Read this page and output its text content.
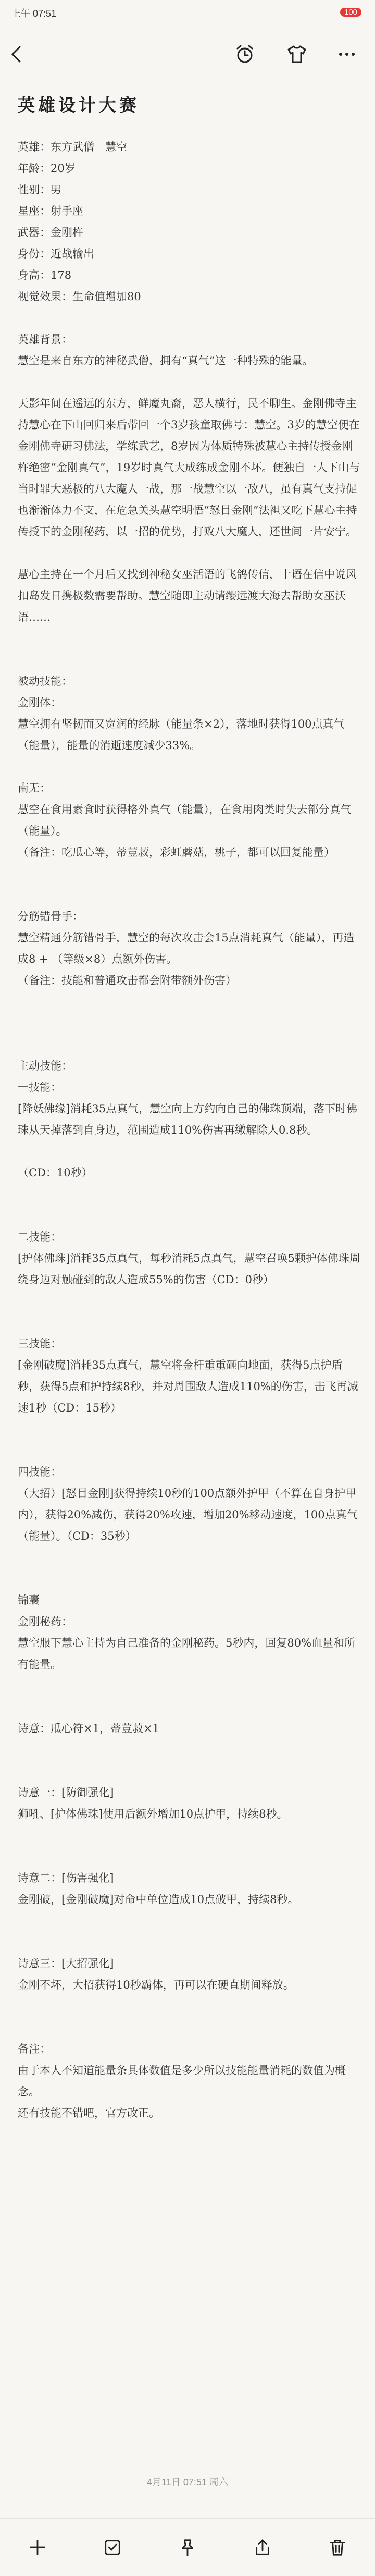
上午 07:51	100
英雄设计大赛
英雄：东方武僧　慧空
年龄：20岁
性别：男
星座：射手座
武器：金刚杵
身份：近战输出
身高：178
视觉效果：生命值增加80
英雄背景：
慧空是来自东方的神秘武僧，拥有“真气”这一种特殊的能量。
天影年间在遥远的东方，鲜魔丸裔，恶人横行，民不聊生。金刚佛寺主持慧心在下山回归来后带回一个3岁孩童取佛号：慧空。3岁的慧空便在金刚佛寺研习佛法，学练武艺，8岁因为体质特殊被慧心主持传授金刚杵绝密“金刚真气”，19岁时真气大成练成金刚不坏。便独自一人下山与当时罪大恶极的八大魔人一战，那一战慧空以一敌八，虽有真气支持促也渐渐体力不支，在危急关头慧空明悟“怒目金刚”法袒又吃下慧心主持传授下的金刚秘药，以一招的优势，打败八大魔人，还世间一片安宁。
慧心主持在一个月后又找到神秘女巫活语的飞鸽传信，十语在信中说风扣岛发日携极数需要帮助。慧空随即主动请缨远渡大海去帮助女巫沃语……
被动技能：
金刚体：
慧空拥有坚韧而又宽润的经脉（能量条×2），落地时获得100点真气（能量），能量的消逝速度减少33%。
南无：
慧空在食用素食时获得格外真气（能量），在食用肉类时失去部分真气（能量）。
（备注：吃瓜心等，蒂荳菽，彩虹蘑菇，桃子，都可以回复能量）
分筋错骨手：
慧空精通分筋错骨手，慧空的每次攻击会15点消耗真气（能量），再造成8 + （等级×8）点额外伤害。
（备注：技能和普通攻击都会附带额外伤害）
主动技能：
一技能：
[降妖佛缘]消耗35点真气，慧空向上方约向自己的佛珠顶端，落下时佛珠从天掉落到自身边，范围造成110%伤害再缴解除人0.8秒。
（CD：10秒）
二技能：
[护体佛珠]消耗35点真气，每秒消耗5点真气，慧空召唤5颗护体佛珠周绕身边对触碰到的敌人造成55%的伤害（CD：0秒）
三技能：
[金刚破魔]消耗35点真气，慧空将金杆重重砸向地面，获得5点护盾秒，获得5点和护持续8秒，并对周围敌人造成110%的伤害，击飞再减速1秒（CD：15秒）
四技能：
（大招）[怒目金刚]获得持续10秒的100点额外护甲（不算在自身护甲内），获得20%减伤，获得20%攻速，增加20%移动速度，100点真气（能量）。（CD：35秒）
锦囊
金刚秘药：
慧空服下慧心主持为自己准备的金刚秘药。5秒内，回复80%血量和所有能量。
诗意：瓜心符×1，蒂荳菽×1
诗意一：[防御强化]
狮吼、[护体佛珠]使用后额外增加10点护甲，持续8秒。
诗意二：[伤害强化]
金刚破，[金刚破魔]对命中单位造成10点破甲，持续8秒。
诗意三：[大招强化]
金刚不坏，大招获得10秒霸体，再可以在硬直期间释放。
备注：
由于本人不知道能量条具体数值是多少所以技能能量消耗的数值为概念。
还有技能不错吧，官方改正。
4月11日 07:51 周六
